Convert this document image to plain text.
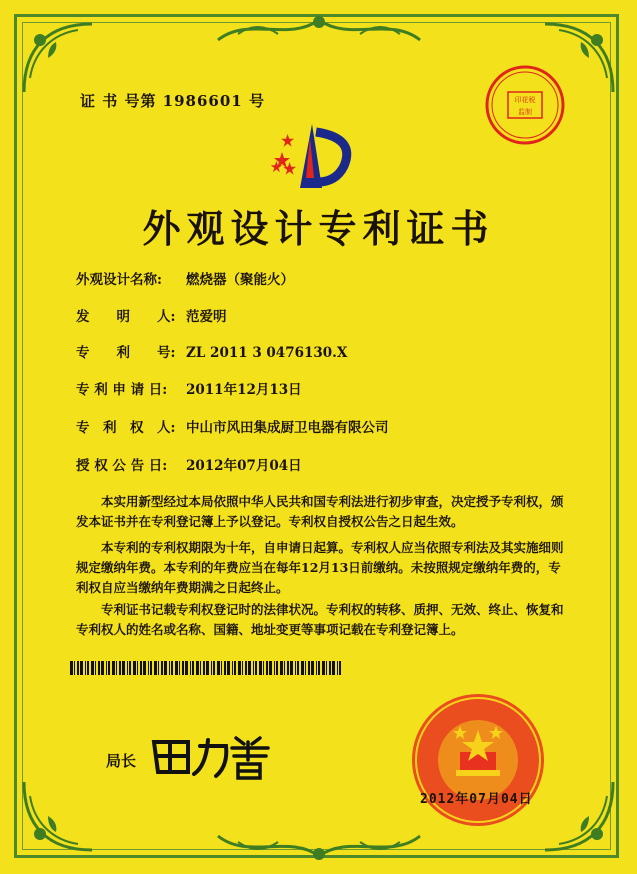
证 书 号第 1986601 号	印花税
监制
外观设计专利证书
外观设计名称: 燃烧器（聚能火）
发　　明　　人: 范爱明
专　　利　　号: ZL 2011 3 0476130.X
专 利 申 请 日: 2011年12月13日
专　利　权　人: 中山市风田集成厨卫电器有限公司
授 权 公 告 日: 2012年07月04日
本实用新型经过本局依照中华人民共和国专利法进行初步审查，决定授予专利权，颁发本证书并在专利登记簿上予以登记。专利权自授权公告之日起生效。
本专利的专利权期限为十年，自申请日起算。专利权人应当依照专利法及其实施细则规定缴纳年费。本专利的年费应当在每年12月13日前缴纳。未按照规定缴纳年费的，专利权自应当缴纳年费期满之日起终止。
专利证书记载专利权登记时的法律状况。专利权的转移、质押、无效、终止、恢复和专利权人的姓名或名称、国籍、地址变更等事项记载在专利登记簿上。
局长
2012年07月04日
